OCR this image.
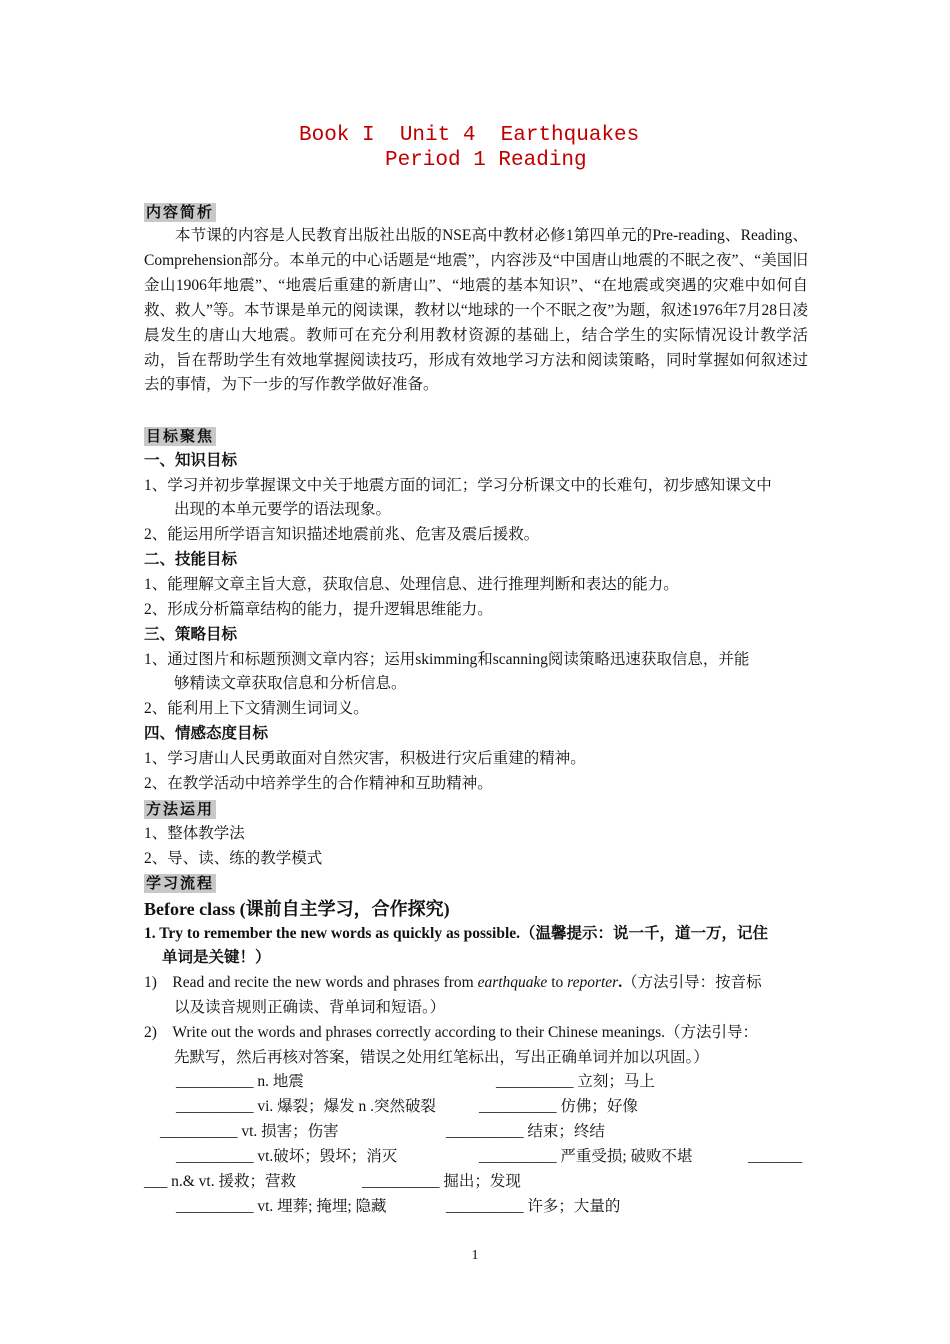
Book I  Unit 4  Earthquakes
Period 1 Reading
内容简析
本节课的内容是人民教育出版社出版的NSE高中教材必修1第四单元的Pre-reading、Reading、Comprehension部分。本单元的中心话题是“地震”，内容涉及“中国唐山地震的不眠之夜”、“美国旧金山1906年地震”、“地震后重建的新唐山”、“地震的基本知识”、“在地震或突遇的灾难中如何自救、救人”等。本节课是单元的阅读课，教材以“地球的一个不眠之夜”为题，叙述1976年7月28日凌晨发生的唐山大地震。教师可在充分利用教材资源的基础上，结合学生的实际情况设计教学活动，旨在帮助学生有效地掌握阅读技巧，形成有效地学习方法和阅读策略，同时掌握如何叙述过去的事情，为下一步的写作教学做好准备。
目标聚焦
一、知识目标
1、学习并初步掌握课文中关于地震方面的词汇；学习分析课文中的长难句，初步感知课文中
出现的本单元要学的语法现象。
2、能运用所学语言知识描述地震前兆、危害及震后援救。
二、技能目标
1、能理解文章主旨大意，获取信息、处理信息、进行推理判断和表达的能力。
2、形成分析篇章结构的能力，提升逻辑思维能力。
三、策略目标
1、通过图片和标题预测文章内容；运用skimming和scanning阅读策略迅速获取信息，并能
够精读文章获取信息和分析信息。
2、能利用上下文猜测生词词义。
四、情感态度目标
1、学习唐山人民勇敢面对自然灾害，积极进行灾后重建的精神。
2、在教学活动中培养学生的合作精神和互助精神。
方法运用
1、整体教学法
2、导、读、练的教学模式
学习流程
Before class (课前自主学习，合作探究)
1. Try to remember the new words as quickly as possible.（温馨提示：说一千，道一万，记住
单词是关键！）
1) Read and recite the new words and phrases from earthquake to reporter.（方法引导：按音标
以及读音规则正确读、背单词和短语。）
2) Write out the words and phrases correctly according to their Chinese meanings.（方法引导：
先默写，然后再核对答案，错误之处用红笔标出，写出正确单词并加以巩固。）
__________ n. 地震	__________ 立刻；马上
__________ vi. 爆裂；爆发 n .突然破裂	__________ 仿佛；好像
__________ vt. 损害；伤害	__________ 结束；终结
__________ vt.破坏；毁坏；消灭	__________ 严重受损; 破败不堪	_______
___ n.& vt. 援救；营救	__________ 掘出；发现
__________ vt. 埋葬; 掩埋; 隐藏	__________ 许多；大量的
1
